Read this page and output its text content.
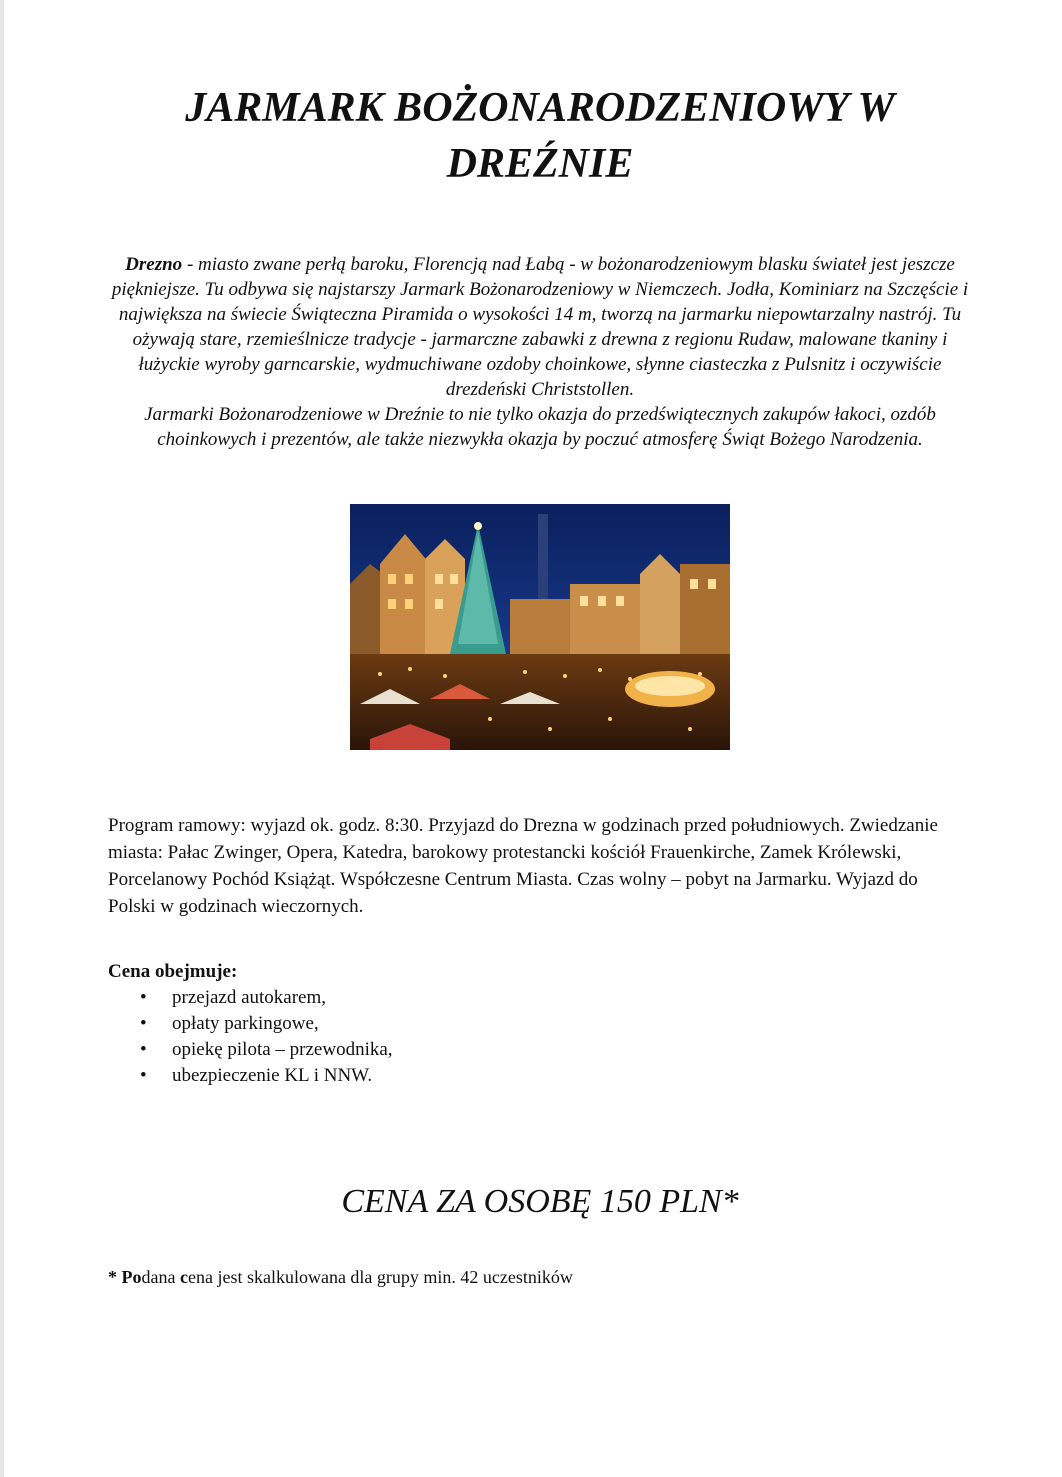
JARMARK BOŻONARODZENIOWY W
DREŹNIE

Drezno - miasto zwane perłą baroku, Florencją nad Łabą - w bożonarodzeniowym blasku świateł jest jeszcze piękniejsze. Tu odbywa się najstarszy Jarmark Bożonarodzeniowy w Niemczech. Jodła, Kominiarz na Szczęście i największa na świecie Świąteczna Piramida o wysokości 14 m, tworzą na jarmarku niepowtarzalny nastrój. Tu ożywają stare, rzemieślnicze tradycje - jarmarczne zabawki z drewna z regionu Rudaw, malowane tkaniny i łużyckie wyroby garncarskie, wydmuchiwane ozdoby choinkowe, słynne ciasteczka z Pulsnitz i oczywiście drezdeński Christstollen.

Jarmarki Bożonarodzeniowe w Dreźnie to nie tylko okazja do przedświątecznych zakupów łakoci, ozdób choinkowych i prezentów, ale także niezwykła okazja by poczuć atmosferę Świąt Bożego Narodzenia.

Program ramowy: wyjazd ok. godz. 8:30. Przyjazd do Drezna w godzinach przed południowych. Zwiedzanie miasta: Pałac Zwinger, Opera, Katedra, barokowy protestancki kościół Frauenkirche, Zamek Królewski, Porcelanowy Pochód Książąt. Współczesne Centrum Miasta. Czas wolny – pobyt na Jarmarku. Wyjazd do Polski w godzinach wieczornych.

Cena obejmuje:

• przejazd autokarem,
• opłaty parkingowe,
• opiekę pilota – przewodnika,
• ubezpieczenie KL i NNW.

CENA ZA OSOBĘ 150 PLN*

* Podana cena jest skalkulowana dla grupy min. 42 uczestników
